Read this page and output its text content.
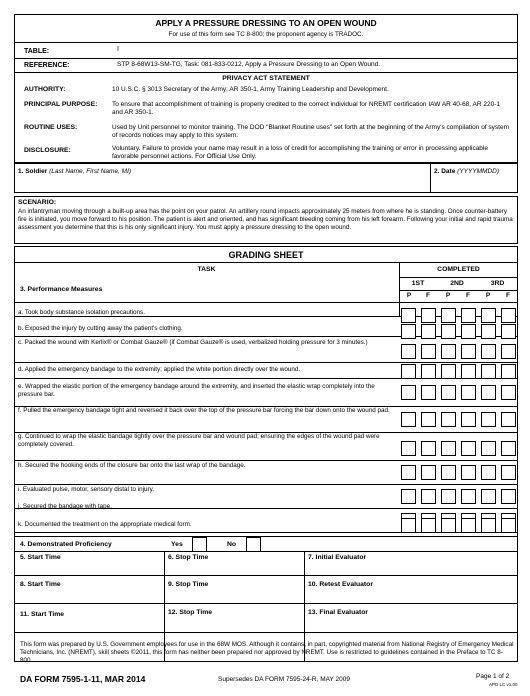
APPLY A PRESSURE DRESSING TO AN OPEN WOUND
For use of this form see TC 8-800; the proponent agency is TRADOC.
TABLE:	I
REFERENCE:	STP 8-68W13-SM-TG, Task: 081-833-0212, Apply a Pressure Dressing to an Open Wound.
PRIVACY ACT STATEMENT
AUTHORITY:	10 U.S.C. § 3013 Secretary of the Army; AR 350-1, Army Training Leadership and Development.
PRINCIPAL PURPOSE: To ensure that accomplishment of training is properly credited to the correct individual for NREMT certification IAW AR 40-68, AR 220-1 and AR 350-1.
ROUTINE USES:	Used by Unit personnel to monitor training. The DOD "Blanket Routine uses" set forth at the beginning of the Army's compilation of system of records notices may apply to this system.
DISCLOSURE:	Voluntary. Failure to provide your name may result in a loss of credit for accomplishing the training or error in processing applicable favorable personnel actions. For Official Use Only.
1. Soldier (Last Name, First Name, MI)	2. Date (YYYYMMDD)
SCENARIO:
An infantryman moving through a built-up area has the point on your patrol. An artillery round impacts approximately 25 meters from where he is standing. Once counter-battery fire is initiated, you move forward to his position. The patient is alert and oriented, and has significant bleeding coming from his left forearm. Following your initial and rapid trauma assessment you determine that this is his only significant injury. You must apply a pressure dressing to the open wound.
GRADING SHEET
TASK	COMPLETED
3. Performance Measures
1ST	2ND	3RD
P	F	P	F	P	F
a. Took body substance isolation precautions.
b. Exposed the injury by cutting away the patient's clothing.
c. Packed the wound with Kerlix® or Combat Gauze® (if Combat Gauze® is used, verbalized holding pressure for 3 minutes.)
d. Applied the emergency bandage to the extremity; applied the white portion directly over the wound.
e. Wrapped the elastic portion of the emergency bandage around the extremity, and inserted the elastic wrap completely into the pressure bar.
f. Pulled the emergency bandage tight and reversed it back over the top of the pressure bar forcing the bar down onto the wound pad.
g. Continued to wrap the elastic bandage tightly over the pressure bar and wound pad; ensuring the edges of the wound pad were completely covered.
h. Secured the hooking ends of the closure bar onto the last wrap of the bandage.
i. Evaluated pulse, motor, sensory distal to injury.
j. Secured the bandage with tape.
k. Documented the treatment on the appropriate medical form.
4. Demonstrated Proficiency	Yes	No
5. Start Time	6. Stop Time	7. Initial Evaluator
8. Start Time	9. Stop Time	10. Retest Evaluator
11. Start Time	12. Stop Time	13. Final Evaluator
This form was prepared by U.S. Government employees for use in the 68W MOS. Although it contains, in part, copyrighted material from National Registry of Emergency Medical Technicians, Inc. (NREMT), skill sheets ©2011, this form has neither been prepared nor approved by NREMT. Use is restricted to guidelines contained in the Preface to TC 8-800.
DA FORM 7595-1-11, MAR 2014	Supersedes DA FORM 7595-24-R, MAY 2009	Page 1 of 2
APD LC v1.00
